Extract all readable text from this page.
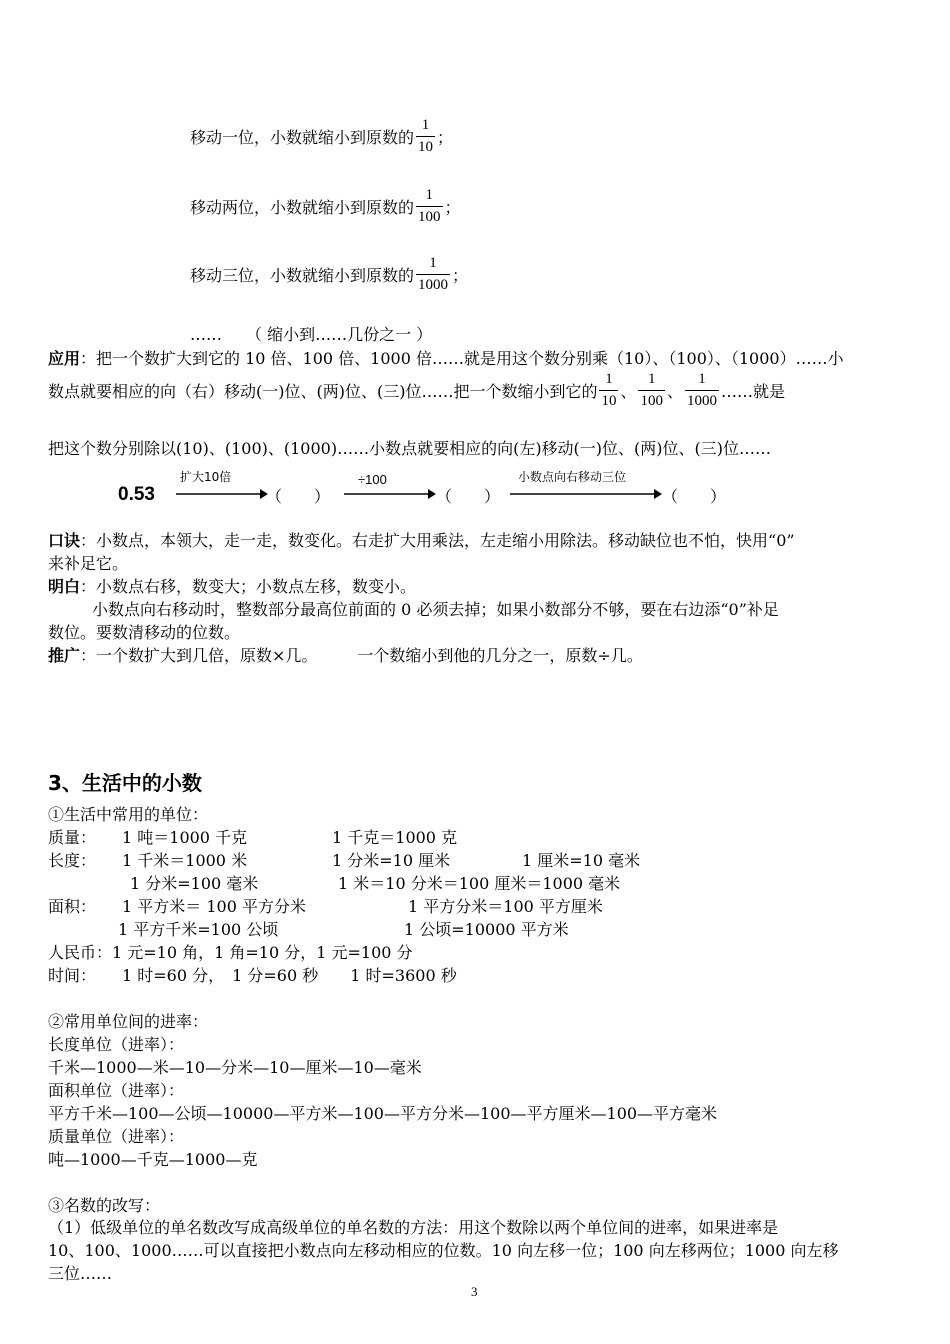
移动一位，小数就缩小到原数的 $\frac{1}{10}$ ；
移动两位，小数就缩小到原数的 $\frac{1}{100}$ ；
移动三位，小数就缩小到原数的 $\frac{1}{1000}$ ；
……　　（ 缩小到……几份之一 ）
应用：把一个数扩大到它的 10 倍、100 倍、1000 倍……就是用这个数分别乘（10）、（100）、（1000）……小
数点就要相应的向（右）移动(一)位、(两)位、(三)位……把一个数缩小到它的 $\frac{1}{10}$ 、 $\frac{1}{100}$ 、 $\frac{1}{1000}$ ……就是
把这个数分别除以(10)、(100)、(1000)……小数点就要相应的向(左)移动(一)位、(两)位、(三)位……
0.53
扩大10倍
（　　）
÷100
（　　）
小数点向右移动三位
（　　）
口诀：小数点，本领大，走一走，数变化。右走扩大用乘法，左走缩小用除法。移动缺位也不怕，快用“0”
来补足它。
明白：小数点右移，数变大；小数点左移，数变小。
小数点向右移动时，整数部分最高位前面的 0 必须去掉；如果小数部分不够，要在右边添“0”补足
数位。要数清移动的位数。
推广：一个数扩大到几倍，原数×几。　　　一个数缩小到他的几分之一，原数÷几。
3、生活中的小数
①生活中常用的单位：
质量： 1 吨＝1000 千克	1 千克＝1000 克
长度： 1 千米＝1000 米	1 分米=10 厘米	1 厘米=10 毫米
1 分米=100 毫米	1 米＝10 分米＝100 厘米＝1000 毫米
面积： 1 平方米＝ 100 平方分米	1 平方分米＝100 平方厘米
1 平方千米=100 公顷	1 公顷=10000 平方米
人民币：1 元=10 角，1 角=10 分，1 元=100 分
时间： 1 时=60 分，　1 分=60 秒　　1 时=3600 秒
②常用单位间的进率：
长度单位（进率）：
千米—1000—米—10—分米—10—厘米—10—毫米
面积单位（进率）：
平方千米—100—公顷—10000—平方米—100—平方分米—100—平方厘米—100—平方毫米
质量单位（进率）：
吨—1000—千克—1000—克
③名数的改写：
（1）低级单位的单名数改写成高级单位的单名数的方法：用这个数除以两个单位间的进率，如果进率是
10、100、1000……可以直接把小数点向左移动相应的位数。10 向左移一位；100 向左移两位；1000 向左移
三位……
3
